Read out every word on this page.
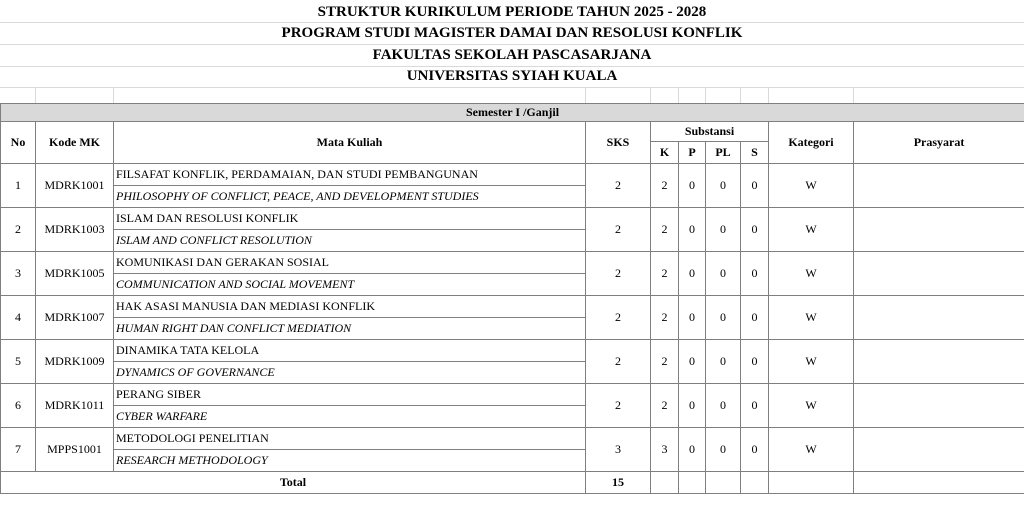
STRUKTUR KURIKULUM PERIODE TAHUN 2025 - 2028
PROGRAM STUDI MAGISTER DAMAI DAN RESOLUSI KONFLIK
FAKULTAS SEKOLAH PASCASARJANA
UNIVERSITAS SYIAH KUALA
Semester I /Ganjil									
No	Kode MK	Mata Kuliah	SKS	Substansi				Kategori	Prasyarat
				K	P	PL	S		
1	MDRK1001	FILSAFAT KONFLIK, PERDAMAIAN, DAN STUDI PEMBANGUNAN	2	2	0	0	0	W	
		PHILOSOPHY OF CONFLICT, PEACE, AND DEVELOPMENT STUDIES							
2	MDRK1003	ISLAM DAN RESOLUSI KONFLIK	2	2	0	0	0	W	
		ISLAM AND CONFLICT RESOLUTION							
3	MDRK1005	KOMUNIKASI DAN GERAKAN SOSIAL	2	2	0	0	0	W	
		COMMUNICATION AND SOCIAL MOVEMENT							
4	MDRK1007	HAK ASASI MANUSIA DAN MEDIASI KONFLIK	2	2	0	0	0	W	
		HUMAN RIGHT DAN CONFLICT MEDIATION							
5	MDRK1009	DINAMIKA TATA KELOLA	2	2	0	0	0	W	
		DYNAMICS OF GOVERNANCE							
6	MDRK1011	PERANG SIBER	2	2	0	0	0	W	
		CYBER WARFARE							
7	MPPS1001	METODOLOGI PENELITIAN	3	3	0	0	0	W	
		RESEARCH METHODOLOGY							
Total			15						
